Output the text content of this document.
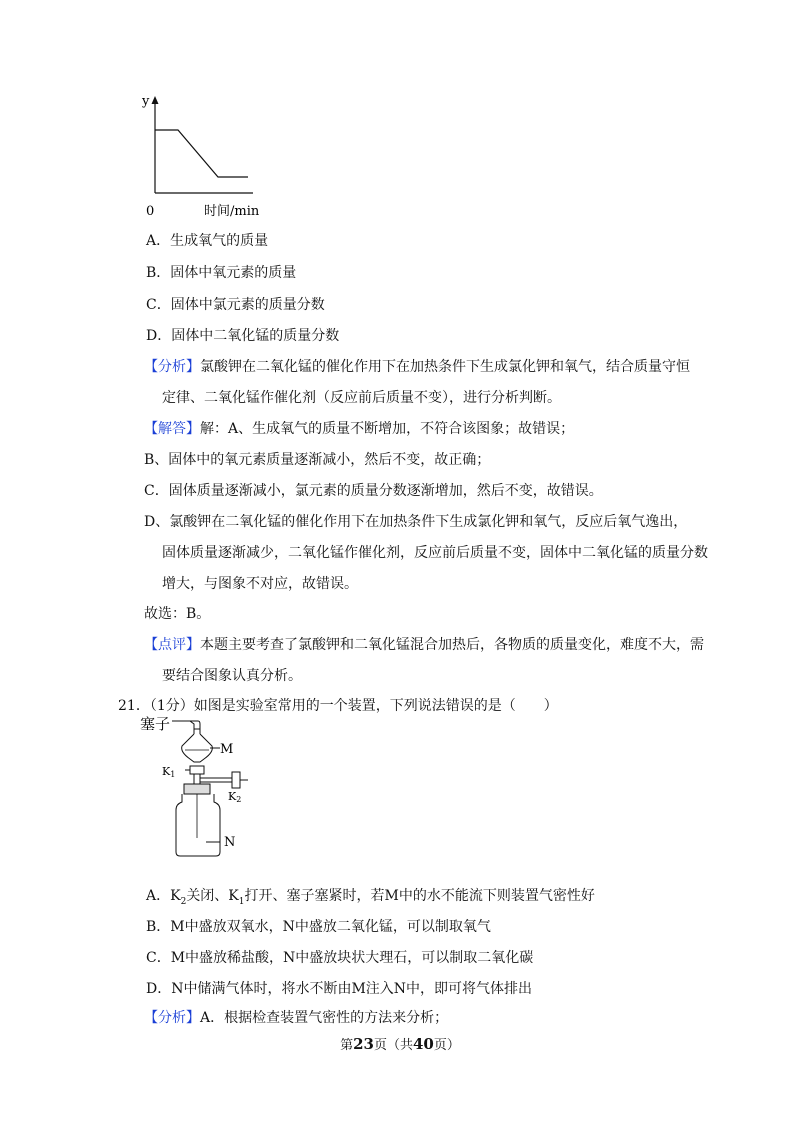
y
0	时间/min
A．生成氧气的质量
B．固体中氧元素的质量
C．固体中氯元素的质量分数
D．固体中二氧化锰的质量分数
【分析】氯酸钾在二氧化锰的催化作用下在加热条件下生成氯化钾和氧气，结合质量守恒
定律、二氧化锰作催化剂（反应前后质量不变），进行分析判断。
【解答】解：A、生成氧气的质量不断增加，不符合该图象；故错误；
B、固体中的氧元素质量逐渐减小，然后不变，故正确；
C．固体质量逐渐减小，氯元素的质量分数逐渐增加，然后不变，故错误。
D、氯酸钾在二氧化锰的催化作用下在加热条件下生成氯化钾和氧气，反应后氧气逸出，
固体质量逐渐减少，二氧化锰作催化剂，反应前后质量不变，固体中二氧化锰的质量分数
增大，与图象不对应，故错误。
故选：B。
【点评】本题主要考查了氯酸钾和二氧化锰混合加热后，各物质的质量变化，难度不大，需
要结合图象认真分析。
21．（1分）如图是实验室常用的一个装置，下列说法错误的是（　　）
塞子
M
K1
K2
N
A．$K_2$关闭、$K_1$打开、塞子塞紧时，若M中的水不能流下则装置气密性好
B．M中盛放双氧水，N中盛放二氧化锰，可以制取氧气
C．M中盛放稀盐酸，N中盛放块状大理石，可以制取二氧化碳
D．N中储满气体时，将水不断由M注入N中，即可将气体排出
【分析】A．根据检查装置气密性的方法来分析；
第23页（共40页）
